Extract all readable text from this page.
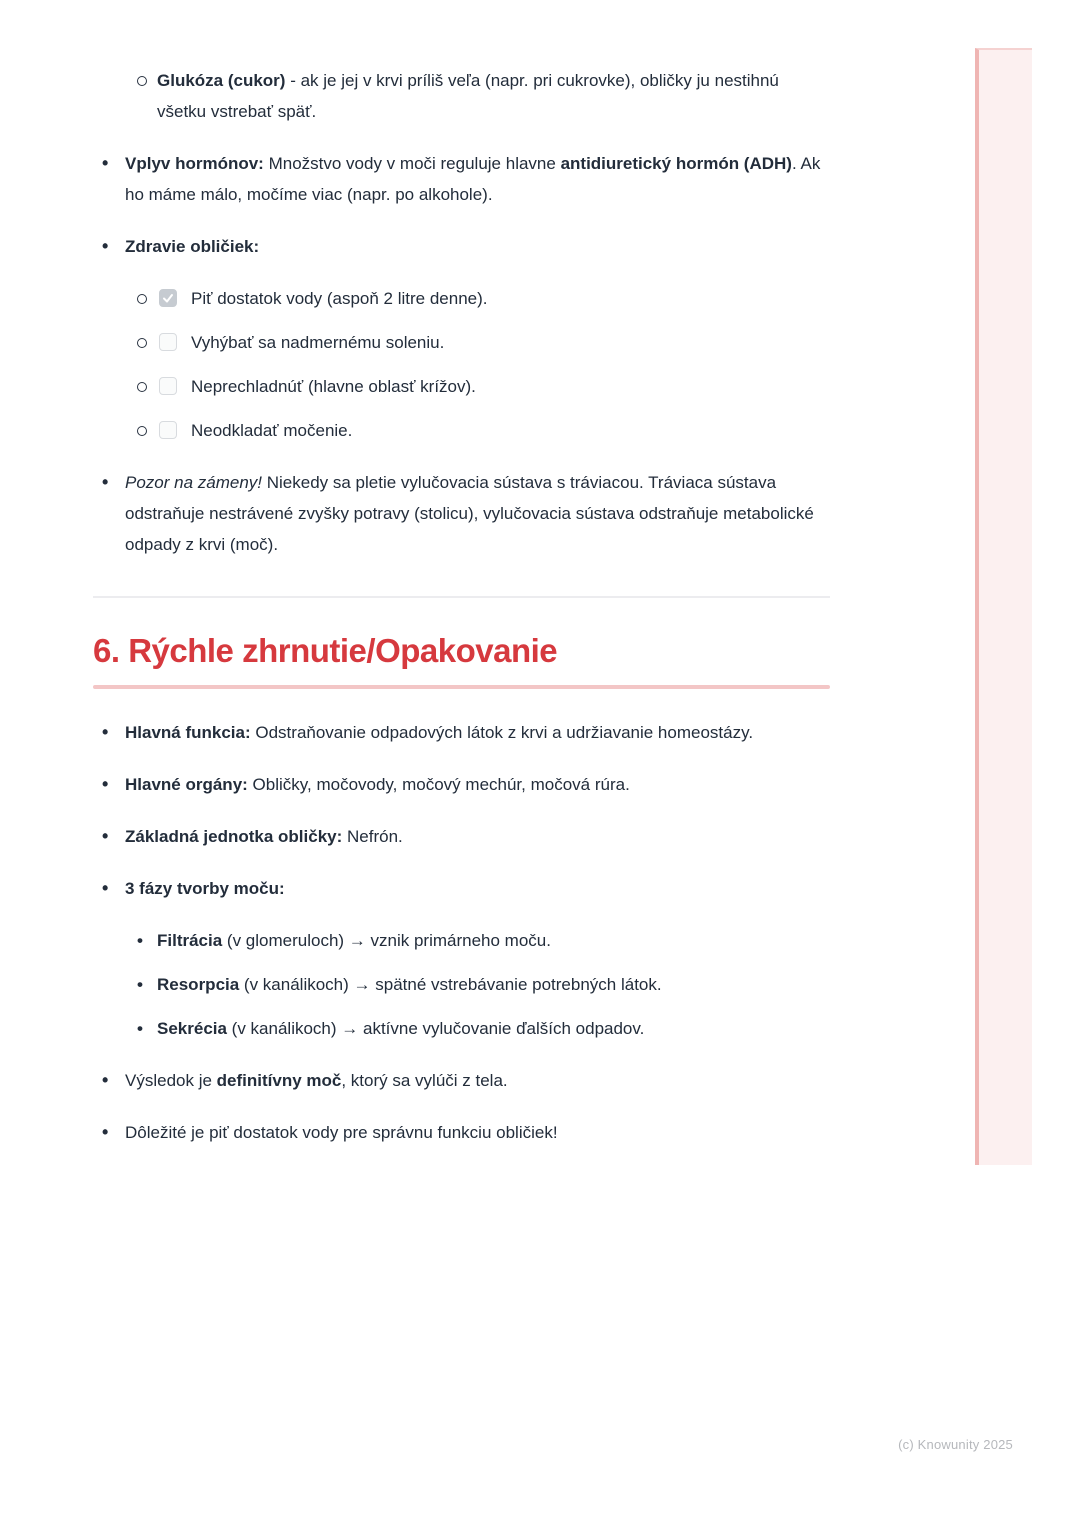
Glukóza (cukor) - ak je jej v krvi príliš veľa (napr. pri cukrovke), obličky ju nestihnú všetku vstrebať späť.
•
Vplyv hormónov: Množstvo vody v moči reguluje hlavne antidiuretický hormón (ADH). Ak ho máme málo, močíme viac (napr. po alkohole).
•
Zdravie obličiek:
Piť dostatok vody (aspoň 2 litre denne).
Vyhýbať sa nadmernému soleniu.
Neprechladnúť (hlavne oblasť krížov).
Neodkladať močenie.
•
Pozor na zámeny! Niekedy sa pletie vylučovacia sústava s tráviacou. Tráviaca sústava odstraňuje nestrávené zvyšky potravy (stolicu), vylučovacia sústava odstraňuje metabolické odpady z krvi (moč).
6. Rýchle zhrnutie/Opakovanie
•
Hlavná funkcia: Odstraňovanie odpadových látok z krvi a udržiavanie homeostázy.
•
Hlavné orgány: Obličky, močovody, močový mechúr, močová rúra.
•
Základná jednotka obličky: Nefrón.
•
3 fázy tvorby moču:
•
Filtrácia (v glomeruloch) → vznik primárneho moču.
•
Resorpcia (v kanálikoch) → spätné vstrebávanie potrebných látok.
•
Sekrécia (v kanálikoch) → aktívne vylučovanie ďalších odpadov.
•
Výsledok je definitívny moč, ktorý sa vylúči z tela.
•
Dôležité je piť dostatok vody pre správnu funkciu obličiek!
(c) Knowunity 2025
